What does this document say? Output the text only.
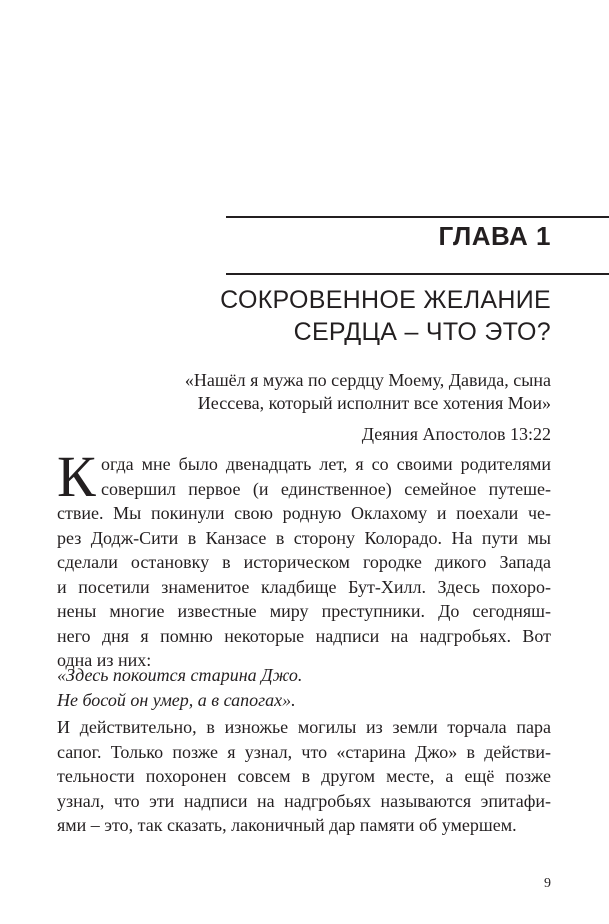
ГЛАВА 1
СОКРОВЕННОЕ ЖЕЛАНИЕ
СЕРДЦА – ЧТО ЭТО?

«Нашёл я мужа по сердцу Моему, Давида, сына
Иессева, который исполнит все хотения Мои»

Деяния Апостолов 13:22

К огда мне было двенадцать лет, я со своими родителями
совершил первое (и единственное) семейное путеше-
ствие. Мы покинули свою родную Оклахому и поехали че-
рез Додж-Сити в Канзасе в сторону Колорадо. На пути мы
сделали остановку в историческом городке дикого Запада
и посетили знаменитое кладбище Бут-Хилл. Здесь похоро-
нены многие известные миру преступники. До сегодняш-
него дня я помню некоторые надписи на надгробьях. Вот
одна из них:

«Здесь покоится старина Джо.
Не босой он умер, а в сапогах».

И действительно, в изножье могилы из земли торчала пара
сапог. Только позже я узнал, что «старина Джо» в действи-
тельности похоронен совсем в другом месте, а ещё позже
узнал, что эти надписи на надгробьях называются эпитафи-
ями – это, так сказать, лаконичный дар памяти об умершем.

9
